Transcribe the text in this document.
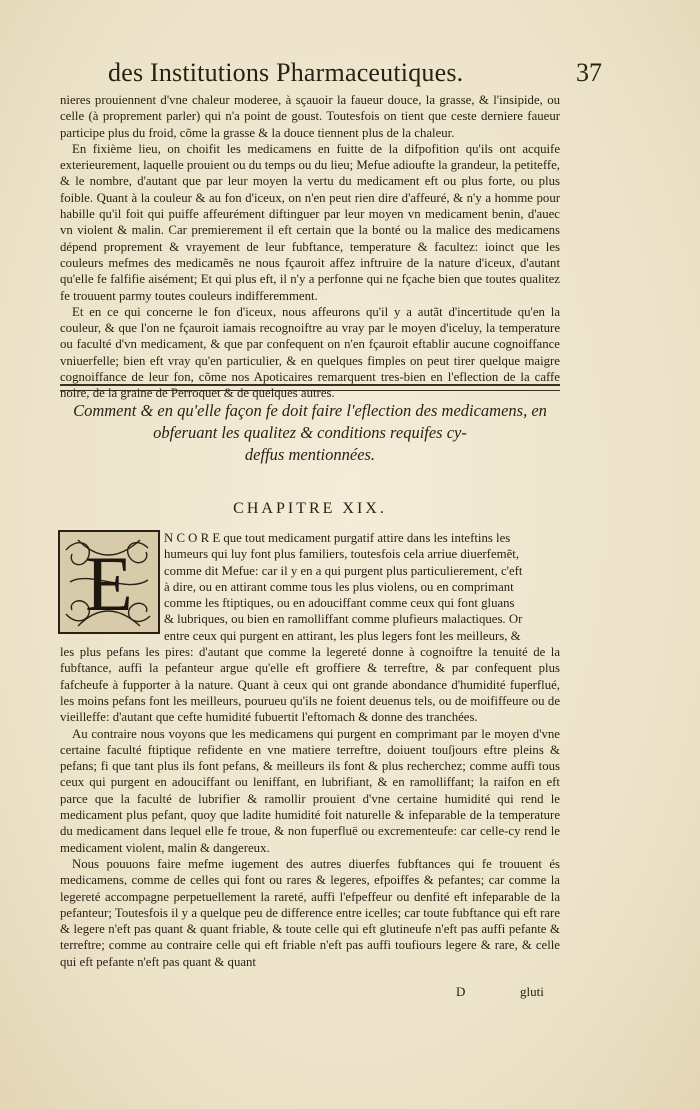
des Institutions Pharmaceutiques.	37

nieres prouiennent d'vne chaleur moderee, à sçauoir la faueur douce, la grasse, & l'insipide, ou celle (à proprement parler) qui n'a point de goust. Toutesfois on tient que ceste derniere faueur participe plus du froid, cõme la grasse & la douce tiennent plus de la chaleur.

En fixième lieu, on choifit les medicamens en fuitte de la difpofition qu'ils ont acquife exterieurement, laquelle prouient ou du temps ou du lieu; Mefue adioufte la grandeur, la petiteffe, & le nombre, d'autant que par leur moyen la vertu du medicament eft ou plus forte, ou plus foible. Quant à la couleur & au fon d'iceux, on n'en peut rien dire d'affeuré, & n'y a homme pour habille qu'il foit qui puiffe affeurément diftinguer par leur moyen vn medicament benin, d'auec vn violent & malin. Car premierement il eft certain que la bonté ou la malice des medicamens dépend proprement & vrayement de leur fubftance, temperature & facultez: ioinct que les couleurs mefmes des medicamẽs ne nous fçauroit affez inftruire de la nature d'iceux, d'autant qu'elle fe falfifie aisément; Et qui plus eft, il n'y a perfonne qui ne fçache bien que toutes qualitez fe trouuent parmy toutes couleurs indifferemment.

Et en ce qui concerne le fon d'iceux, nous affeurons qu'il y a autãt d'incertitude qu'en la couleur, & que l'on ne fçauroit iamais recognoiftre au vray par le moyen d'iceluy, la temperature ou faculté d'vn medicament, & que par confequent on n'en fçauroit eftablir aucune cognoiffance vniuerfelle; bien eft vray qu'en particulier, & en quelques fimples on peut tirer quelque maigre cognoiffance de leur fon, cõme nos Apoticaires remarquent tres-bien en l'eflection de la caffe noire, de la graine de Perroquet & de quelques autres.

Comment & en qu'elle façon fe doit faire l'eflection des medicamens, en
obferuant les qualitez & conditions requifes cy-
deffus mentionnées.
CHAPITRE XIX.
E
N C O R E que tout medicament purgatif attire dans les inteftins les
humeurs qui luy font plus familiers, toutesfois cela arriue diuerfemẽt,
comme dit Mefue: car il y en a qui purgent plus particulierement, c'eft
à dire, ou en attirant comme tous les plus violens, ou en comprimant
comme les ftiptiques, ou en adouciffant comme ceux qui font gluans
& lubriques, ou bien en ramolliffant comme plufieurs malactiques. Or
entre ceux qui purgent en attirant, les plus legers font les meilleurs, &

les plus pefans les pires: d'autant que comme la legereté donne à cognoiftre la tenuité de la fubftance, auffi la pefanteur argue qu'elle eft groffiere & terreftre, & par confequent plus fafcheufe à fupporter à la nature. Quant à ceux qui ont grande abondance d'humidité fuperflué, les moins pefans font les meilleurs, pourueu qu'ils ne foient deuenus tels, ou de moififfeure ou de vieilleffe: d'autant que cefte humidité fubuertit l'eftomach & donne des tranchées.

Au contraire nous voyons que les medicamens qui purgent en comprimant par le moyen d'vne certaine faculté ftiptique refidente en vne matiere terreftre, doiuent touſjours eftre pleins & pefans; fi que tant plus ils font pefans, & meilleurs ils font & plus recherchez; comme auffi tous ceux qui purgent en adouciffant ou leniffant, en lubrifiant, & en ramolliffant; la raifon en eft parce que la faculté de lubrifier & ramollir prouient d'vne certaine humidité qui rend le medicament plus pefant, quoy que ladite humidité foit naturelle & infeparable de la temperature du medicament dans lequel elle fe troue, & non fuperfluë ou excrementeufe: car celle-cy rend le medicament violent, malin & dangereux.

Nous pouuons faire mefme iugement des autres diuerfes fubftances qui fe trouuent és medicamens, comme de celles qui font ou rares & legeres, efpoiffes & pefantes; car comme la legereté accompagne perpetuellement la rareté, auffi l'efpeffeur ou denfité eft infeparable de la pefanteur; Toutesfois il y a quelque peu de difference entre icelles; car toute fubftance qui eft rare & legere n'eft pas quant & quant friable, & toute celle qui eft glutineufe n'eft pas auffi pefante & terreftre; comme au contraire celle qui eft friable n'eft pas auffi toufiours legere & rare, & celle qui eft pefante n'eft pas quant & quant

D	gluti
